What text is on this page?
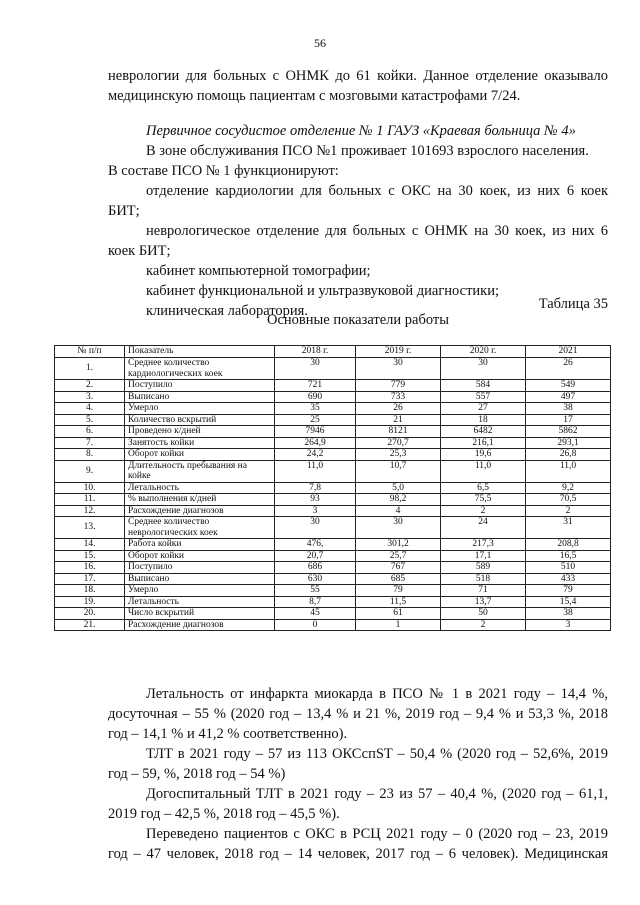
56
неврологии для больных с ОНМК до 61 койки. Данное отделение оказывало
медицинскую помощь пациентам с мозговыми катастрофами 7/24.
Первичное сосудистое отделение № 1 ГАУЗ «Краевая больница № 4»
В зоне обслуживания ПСО №1 проживает 101693 взрослого населения.
В составе ПСО № 1 функционируют:
отделение кардиологии для больных с ОКС на 30 коек, из них 6 коек
БИТ;
неврологическое отделение для больных с ОНМК на 30 коек, из них 6
коек БИТ;
кабинет компьютерной томографии;
кабинет функциональной и ультразвуковой диагностики;
клиническая лаборатория.	Таблица 35
Основные показатели работы
№ п/п	Показатель	2018 г.	2019 г.	2020 г.	2021
1.	Среднее количество кардиологических коек	30	30	30	26
2.	Поступило	721	779	584	549
3.	Выписано	690	733	557	497
4.	Умерло	35	26	27	38
5.	Количество вскрытий	25	21	18	17
6.	Проведено к/дней	7946	8121	6482	5862
7.	Занятость койки	264,9	270,7	216,1	293,1
8.	Оборот койки	24,2	25,3	19,6	26,8
9.	Длительность пребывания на койке	11,0	10,7	11,0	11,0
10.	Летальность	7,8	5,0	6,5	9,2
11.	% выполнения к/дней	93	98,2	75,5	70,5
12.	Расхождение диагнозов	3	4	2	2
13.	Среднее количество неврологических коек	30	30	24	31
14.	Работа койки	476,	301,2	217,3	208,8
15.	Оборот койки	20,7	25,7	17,1	16,5
16.	Поступило	686	767	589	510
17.	Выписано	630	685	518	433
18.	Умерло	55	79	71	79
19.	Летальность	8,7	11,5	13,7	15,4
20.	Число вскрытий	45	61	50	38
21.	Расхождение диагнозов	0	1	2	3
Летальность от инфаркта миокарда в ПСО № 1 в 2021 году – 14,4 %,
досуточная – 55 % (2020 год – 13,4 % и 21 %, 2019 год – 9,4 % и 53,3 %, 2018
год – 14,1 % и 41,2 % соответственно).
ТЛТ в 2021 году – 57 из 113 ОКСспST – 50,4 % (2020 год – 52,6%, 2019
год – 59, %, 2018 год – 54 %)
Догоспитальный ТЛТ в 2021 году – 23 из 57 – 40,4 %, (2020 год – 61,1,
2019 год – 42,5 %, 2018 год – 45,5 %).
Переведено пациентов с ОКС в РСЦ 2021 году – 0 (2020 год – 23, 2019
год – 47 человек, 2018 год – 14 человек, 2017 год – 6 человек). Медицинская
